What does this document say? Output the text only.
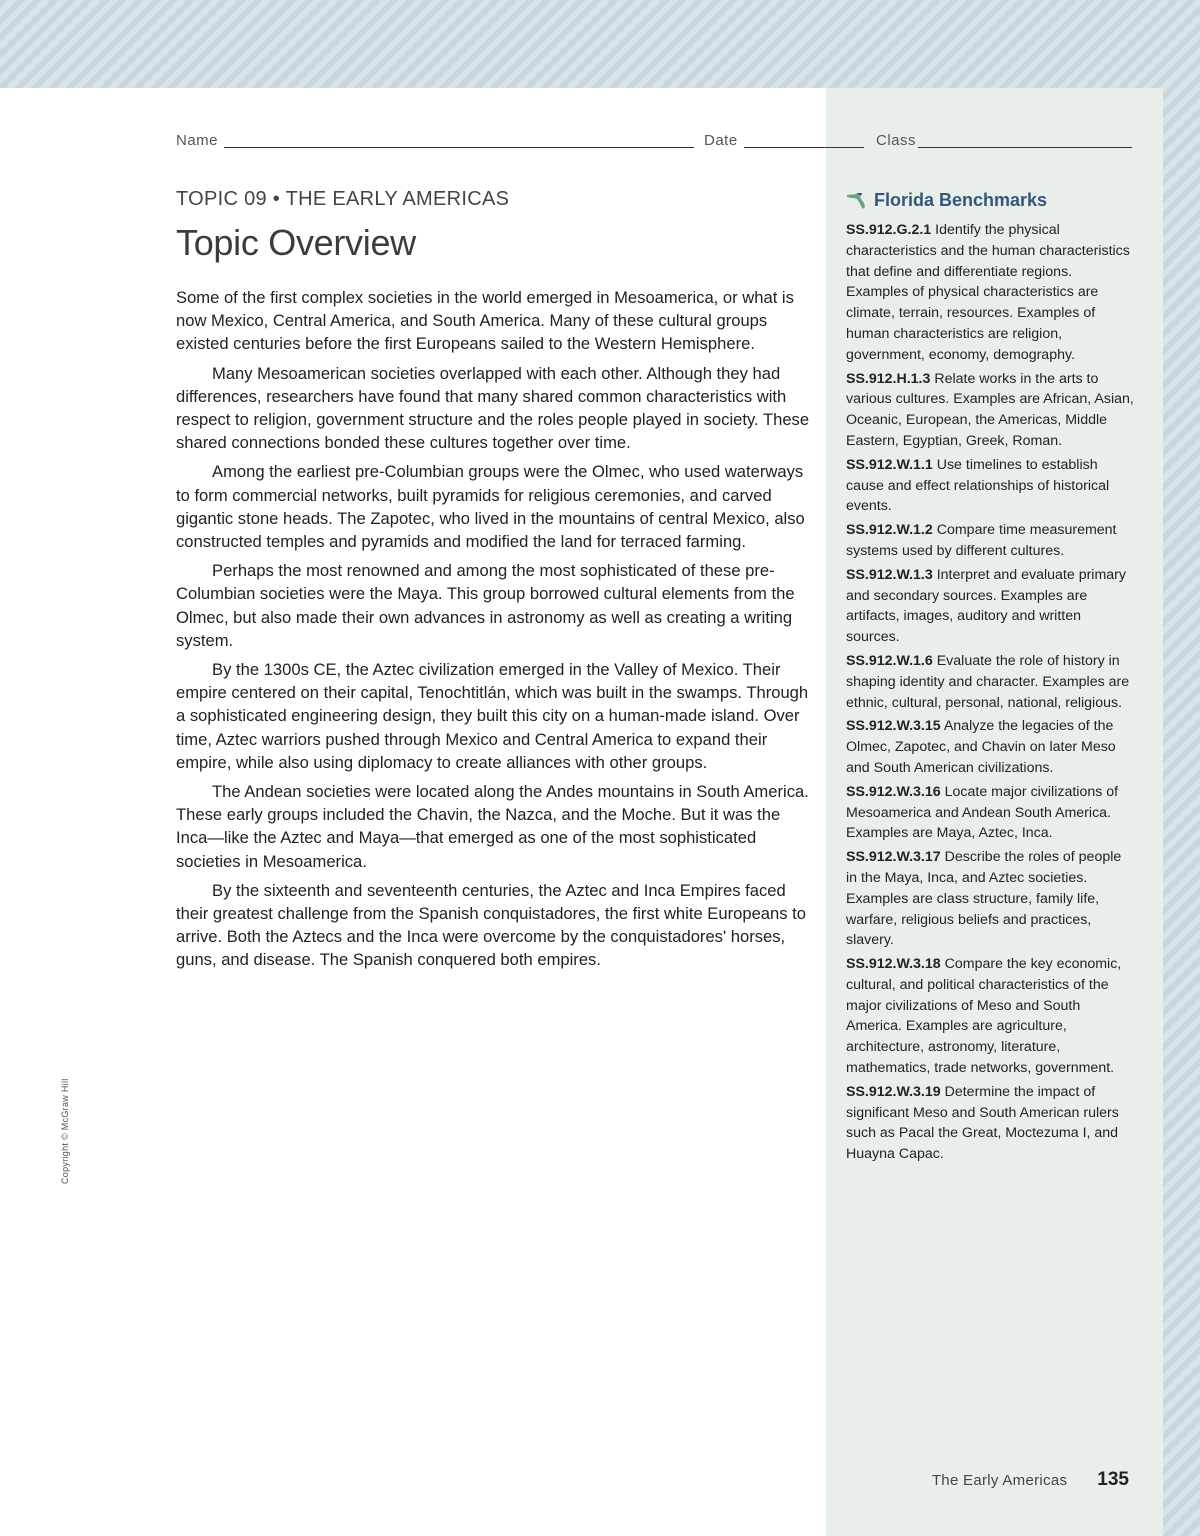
Copyright © McGraw Hill
Name	Date	Class
TOPIC 09 • THE EARLY AMERICAS
Topic Overview

Some of the first complex societies in the world emerged in Mesoamerica, or what is now Mexico, Central America, and South America. Many of these cultural groups existed centuries before the first Europeans sailed to the Western Hemisphere.

Many Mesoamerican societies overlapped with each other. Although they had differences, researchers have found that many shared common characteristics with respect to religion, government structure and the roles people played in society. These shared connections bonded these cultures together over time.

Among the earliest pre-Columbian groups were the Olmec, who used waterways to form commercial networks, built pyramids for religious ceremonies, and carved gigantic stone heads. The Zapotec, who lived in the mountains of central Mexico, also constructed temples and pyramids and modified the land for terraced farming.

Perhaps the most renowned and among the most sophisticated of these pre-Columbian societies were the Maya. This group borrowed cultural elements from the Olmec, but also made their own advances in astronomy as well as creating a writing system.

By the 1300s CE, the Aztec civilization emerged in the Valley of Mexico. Their empire centered on their capital, Tenochtitlán, which was built in the swamps. Through a sophisticated engineering design, they built this city on a human-made island. Over time, Aztec warriors pushed through Mexico and Central America to expand their empire, while also using diplomacy to create alliances with other groups.

The Andean societies were located along the Andes mountains in South America. These early groups included the Chavin, the Nazca, and the Moche. But it was the Inca—like the Aztec and Maya—that emerged as one of the most sophisticated societies in Mesoamerica.

By the sixteenth and seventeenth centuries, the Aztec and Inca Empires faced their greatest challenge from the Spanish conquistadores, the first white Europeans to arrive. Both the Aztecs and the Inca were overcome by the conquistadores' horses, guns, and disease. The Spanish conquered both empires.

Florida Benchmarks
SS.912.G.2.1 Identify the physical characteristics and the human characteristics that define and differentiate regions. Examples of physical characteristics are climate, terrain, resources. Examples of human characteristics are religion, government, economy, demography.
SS.912.H.1.3 Relate works in the arts to various cultures. Examples are African, Asian, Oceanic, European, the Americas, Middle Eastern, Egyptian, Greek, Roman.
SS.912.W.1.1 Use timelines to establish cause and effect relationships of historical events.
SS.912.W.1.2 Compare time measurement systems used by different cultures.
SS.912.W.1.3 Interpret and evaluate primary and secondary sources. Examples are artifacts, images, auditory and written sources.
SS.912.W.1.6 Evaluate the role of history in shaping identity and character. Examples are ethnic, cultural, personal, national, religious.
SS.912.W.3.15 Analyze the legacies of the Olmec, Zapotec, and Chavin on later Meso and South American civilizations.
SS.912.W.3.16 Locate major civilizations of Mesoamerica and Andean South America. Examples are Maya, Aztec, Inca.
SS.912.W.3.17 Describe the roles of people in the Maya, Inca, and Aztec societies. Examples are class structure, family life, warfare, religious beliefs and practices, slavery.
SS.912.W.3.18 Compare the key economic, cultural, and political characteristics of the major civilizations of Meso and South America. Examples are agriculture, architecture, astronomy, literature, mathematics, trade networks, government.
SS.912.W.3.19 Determine the impact of significant Meso and South American rulers such as Pacal the Great, Moctezuma I, and Huayna Capac.
The Early Americas 135
